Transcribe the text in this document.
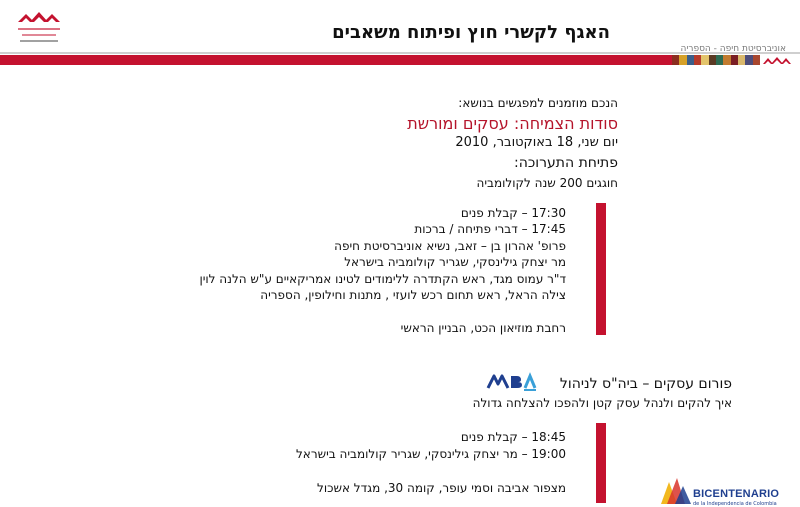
האגף לקשרי חוץ ופיתוח משאבים
אוניברסיטת חיפה - הספריה
הנכם מוזמנים למפגשים בנושא:
סודות הצמיחה: עסקים ומורשת
יום שני, 18 באוקטובר, 2010
פתיחת התערוכה:
חוגגים 200 שנה לקולומביה
17:30 – קבלת פנים
17:45 – דברי פתיחה / ברכות
פרופ' אהרון בן – זאב, נשיא אוניברסיטת חיפה
מר יצחק גילינסקי, שגריר קולומביה בישראל
ד"ר עמוס מגד, ראש הקתדרה ללימודים לטינו אמריקאיים ע"ש הלנה לוין
צילה הראל, ראש תחום רכש לועזי , מתנות וחילופין, הספריה
רחבת מוזיאון הכט, הבניין הראשי
פורום עסקים – ביה"ס לניהול
איך להקים ולנהל עסק קטן ולהפכו להצלחה גדולה
18:45 – קבלת פנים
19:00 – מר יצחק גילינסקי, שגריר קולומביה בישראל
מצפור אביבה וסמי עופר, קומה 30, מגדל אשכול	BICENTENARIO
de la Independencia de Colombia
